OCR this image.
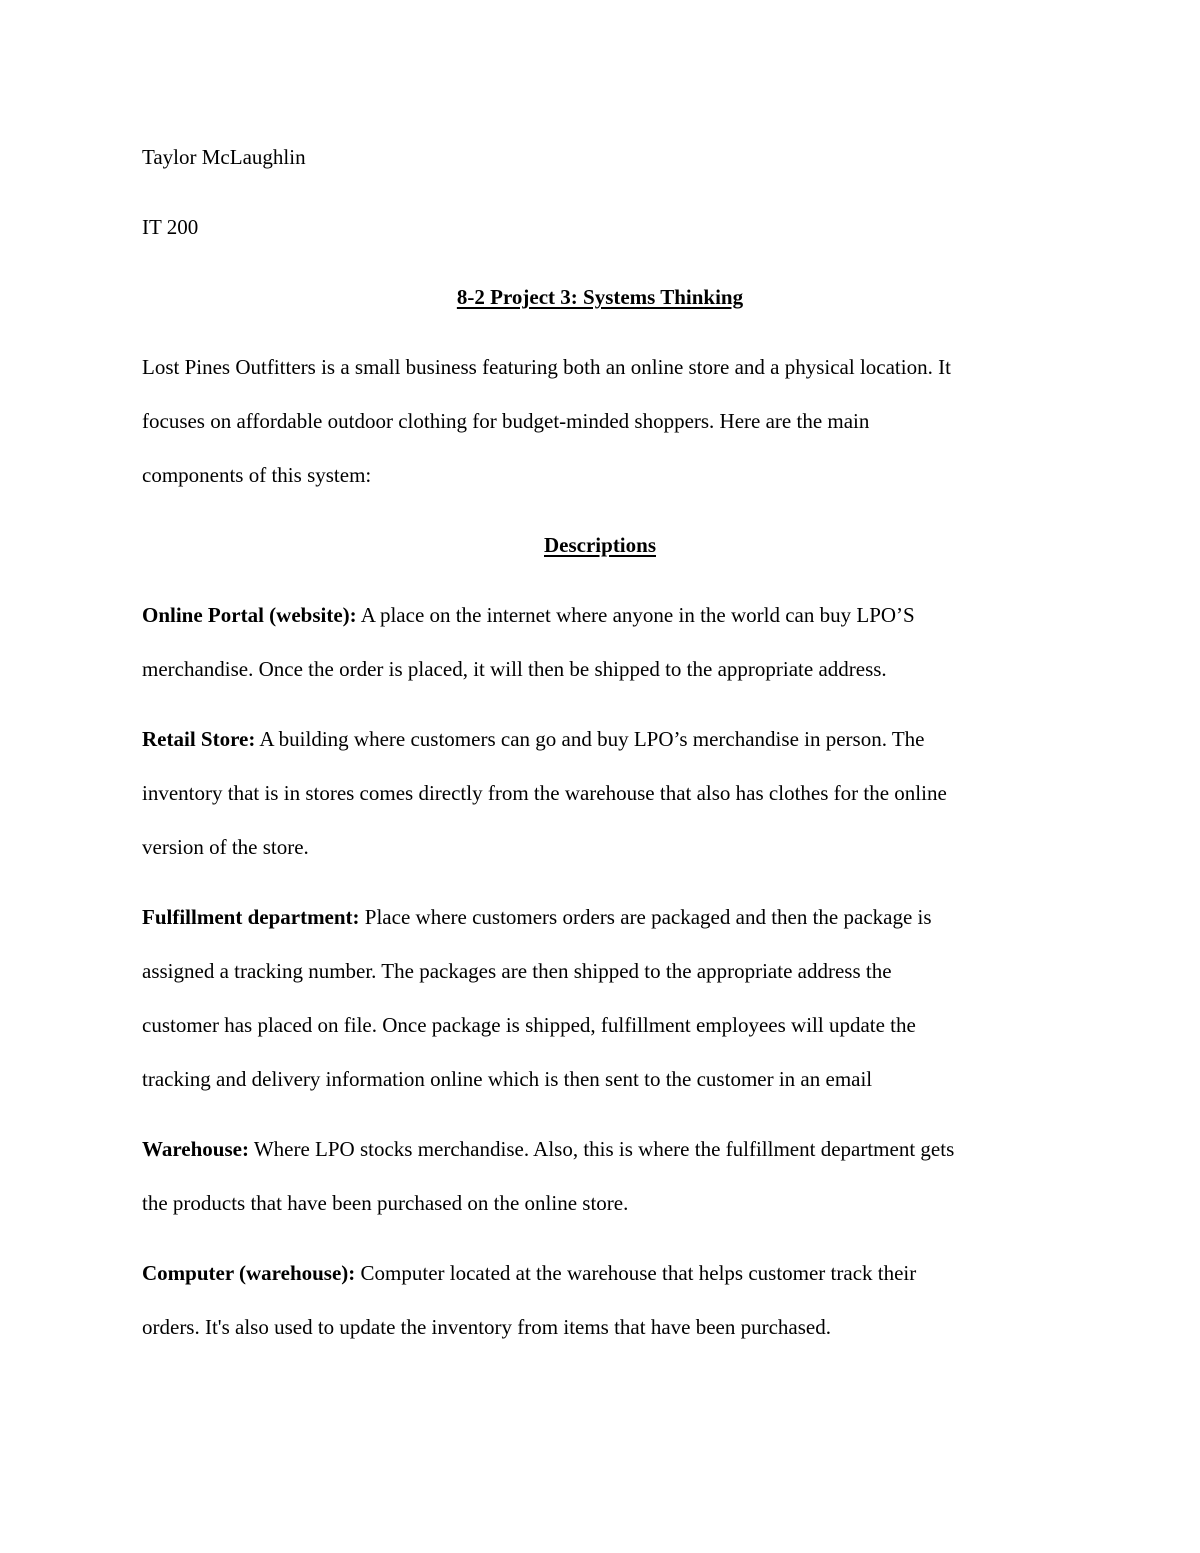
Taylor McLaughlin
IT 200
8-2 Project 3: Systems Thinking
Lost Pines Outfitters is a small business featuring both an online store and a physical location. It
focuses on affordable outdoor clothing for budget-minded shoppers. Here are the main
components of this system:
Descriptions
Online Portal (website): A place on the internet where anyone in the world can buy LPO’S
merchandise. Once the order is placed, it will then be shipped to the appropriate address.
Retail Store: A building where customers can go and buy LPO’s merchandise in person. The
inventory that is in stores comes directly from the warehouse that also has clothes for the online
version of the store.
Fulfillment department: Place where customers orders are packaged and then the package is
assigned a tracking number. The packages are then shipped to the appropriate address the
customer has placed on file. Once package is shipped, fulfillment employees will update the
tracking and delivery information online which is then sent to the customer in an email
Warehouse: Where LPO stocks merchandise. Also, this is where the fulfillment department gets
the products that have been purchased on the online store.
Computer (warehouse): Computer located at the warehouse that helps customer track their
orders. It's also used to update the inventory from items that have been purchased.
